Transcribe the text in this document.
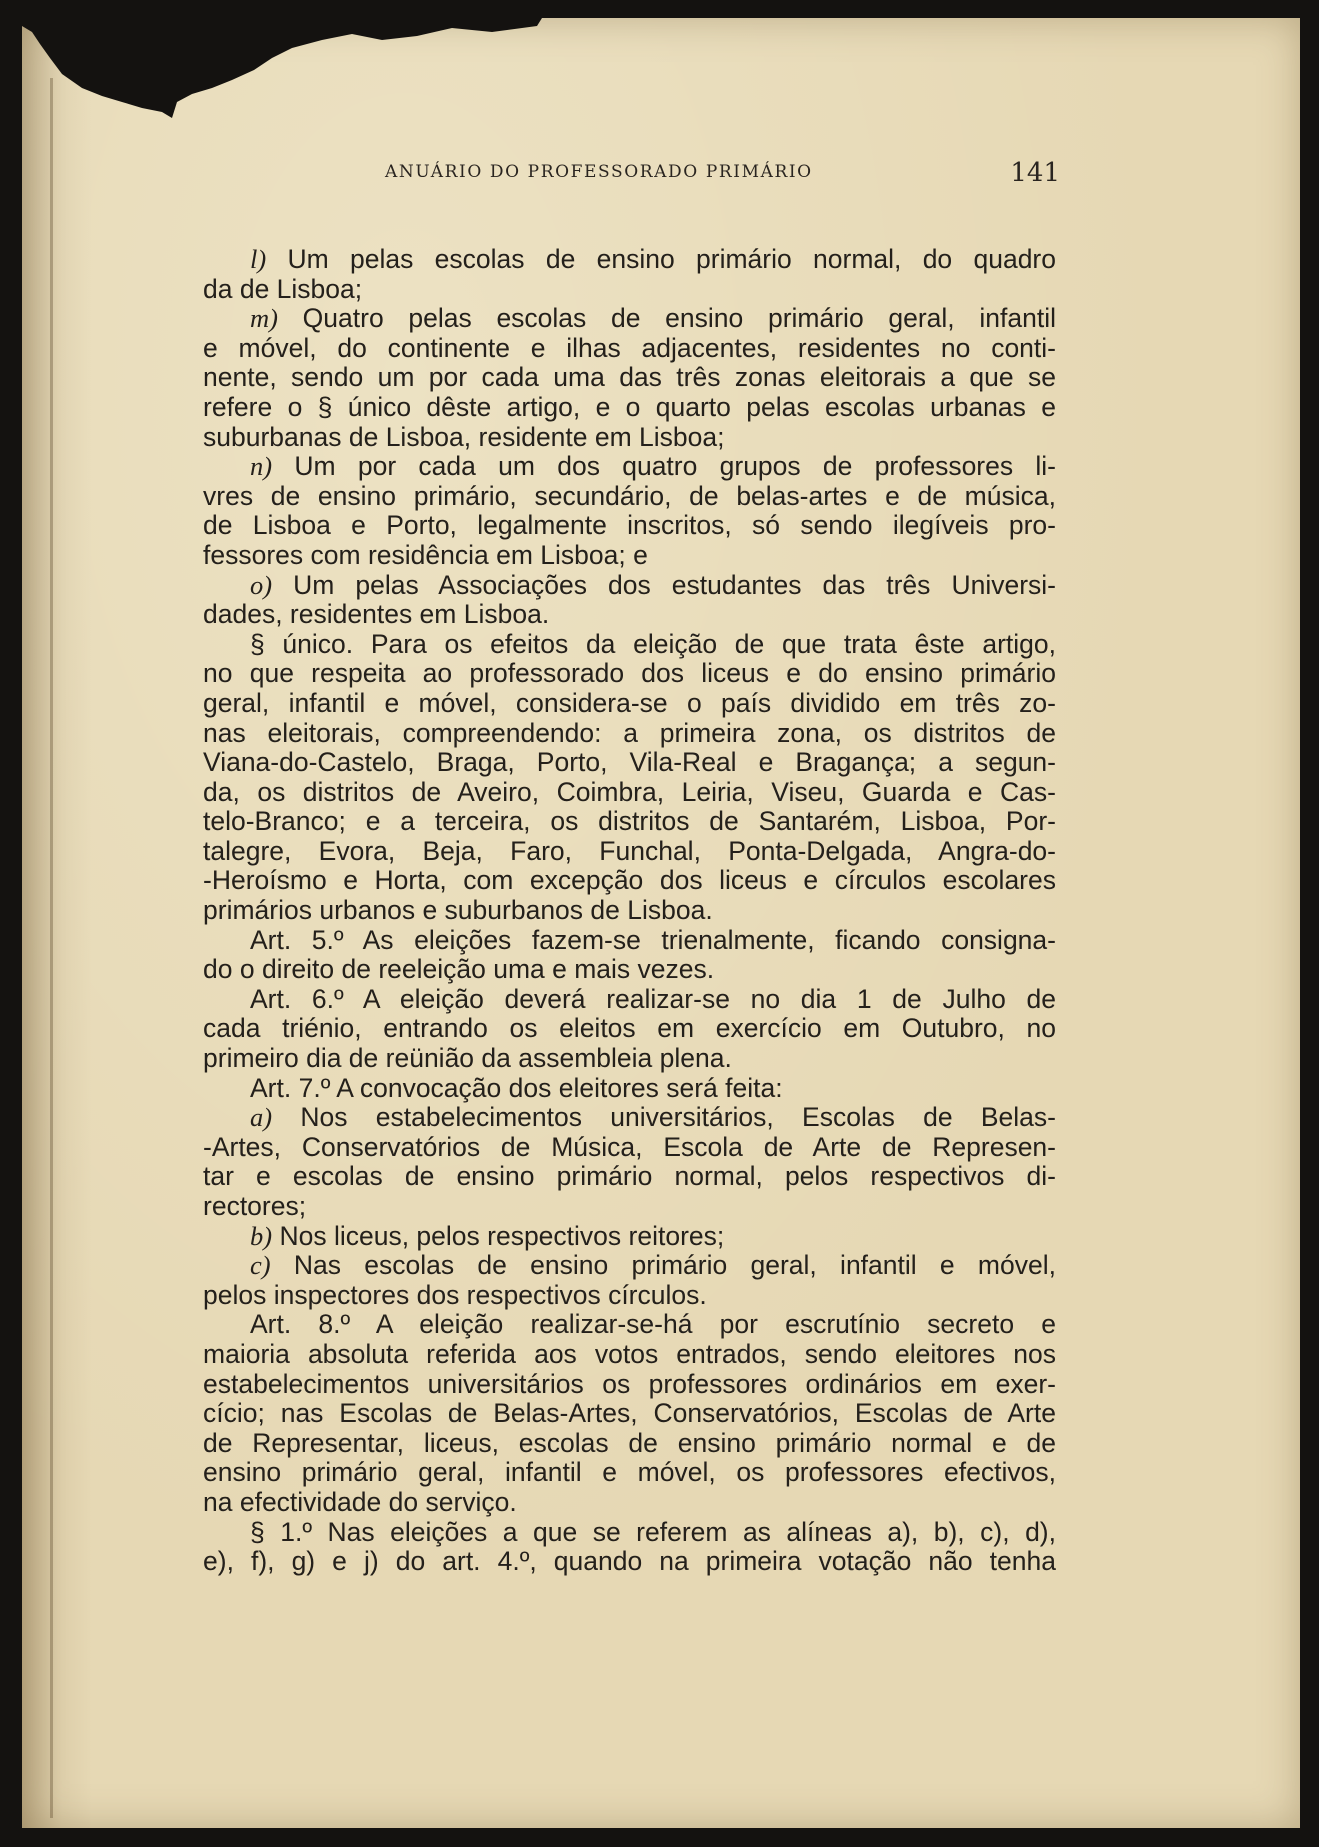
ANUÁRIO DO PROFESSORADO PRIMÁRIO	141
l) Um pelas escolas de ensino primário normal, do quadro
da de Lisboa;
m) Quatro pelas escolas de ensino primário geral, infantil
e móvel, do continente e ilhas adjacentes, residentes no conti-
nente, sendo um por cada uma das três zonas eleitorais a que se
refere o § único dêste artigo, e o quarto pelas escolas urbanas e
suburbanas de Lisboa, residente em Lisboa;
n) Um por cada um dos quatro grupos de professores li-
vres de ensino primário, secundário, de belas-artes e de música,
de Lisboa e Porto, legalmente inscritos, só sendo ilegíveis pro-
fessores com residência em Lisboa; e
o) Um pelas Associações dos estudantes das três Universi-
dades, residentes em Lisboa.
§ único. Para os efeitos da eleição de que trata êste artigo,
no que respeita ao professorado dos liceus e do ensino primário
geral, infantil e móvel, considera-se o país dividido em três zo-
nas eleitorais, compreendendo: a primeira zona, os distritos de
Viana-do-Castelo, Braga, Porto, Vila-Real e Bragança; a segun-
da, os distritos de Aveiro, Coimbra, Leiria, Viseu, Guarda e Cas-
telo-Branco; e a terceira, os distritos de Santarém, Lisboa, Por-
talegre, Evora, Beja, Faro, Funchal, Ponta-Delgada, Angra-do-
-Heroísmo e Horta, com excepção dos liceus e círculos escolares
primários urbanos e suburbanos de Lisboa.
Art. 5.º As eleições fazem-se trienalmente, ficando consigna-
do o direito de reeleição uma e mais vezes.
Art. 6.º A eleição deverá realizar-se no dia 1 de Julho de
cada triénio, entrando os eleitos em exercício em Outubro, no
primeiro dia de reünião da assembleia plena.
Art. 7.º A convocação dos eleitores será feita:
a) Nos estabelecimentos universitários, Escolas de Belas-
-Artes, Conservatórios de Música, Escola de Arte de Represen-
tar e escolas de ensino primário normal, pelos respectivos di-
rectores;
b) Nos liceus, pelos respectivos reitores;
c) Nas escolas de ensino primário geral, infantil e móvel,
pelos inspectores dos respectivos círculos.
Art. 8.º A eleição realizar-se-há por escrutínio secreto e
maioria absoluta referida aos votos entrados, sendo eleitores nos
estabelecimentos universitários os professores ordinários em exer-
cício; nas Escolas de Belas-Artes, Conservatórios, Escolas de Arte
de Representar, liceus, escolas de ensino primário normal e de
ensino primário geral, infantil e móvel, os professores efectivos,
na efectividade do serviço.
§ 1.º Nas eleições a que se referem as alíneas a), b), c), d),
e), f), g) e j) do art. 4.º, quando na primeira votação não tenha
